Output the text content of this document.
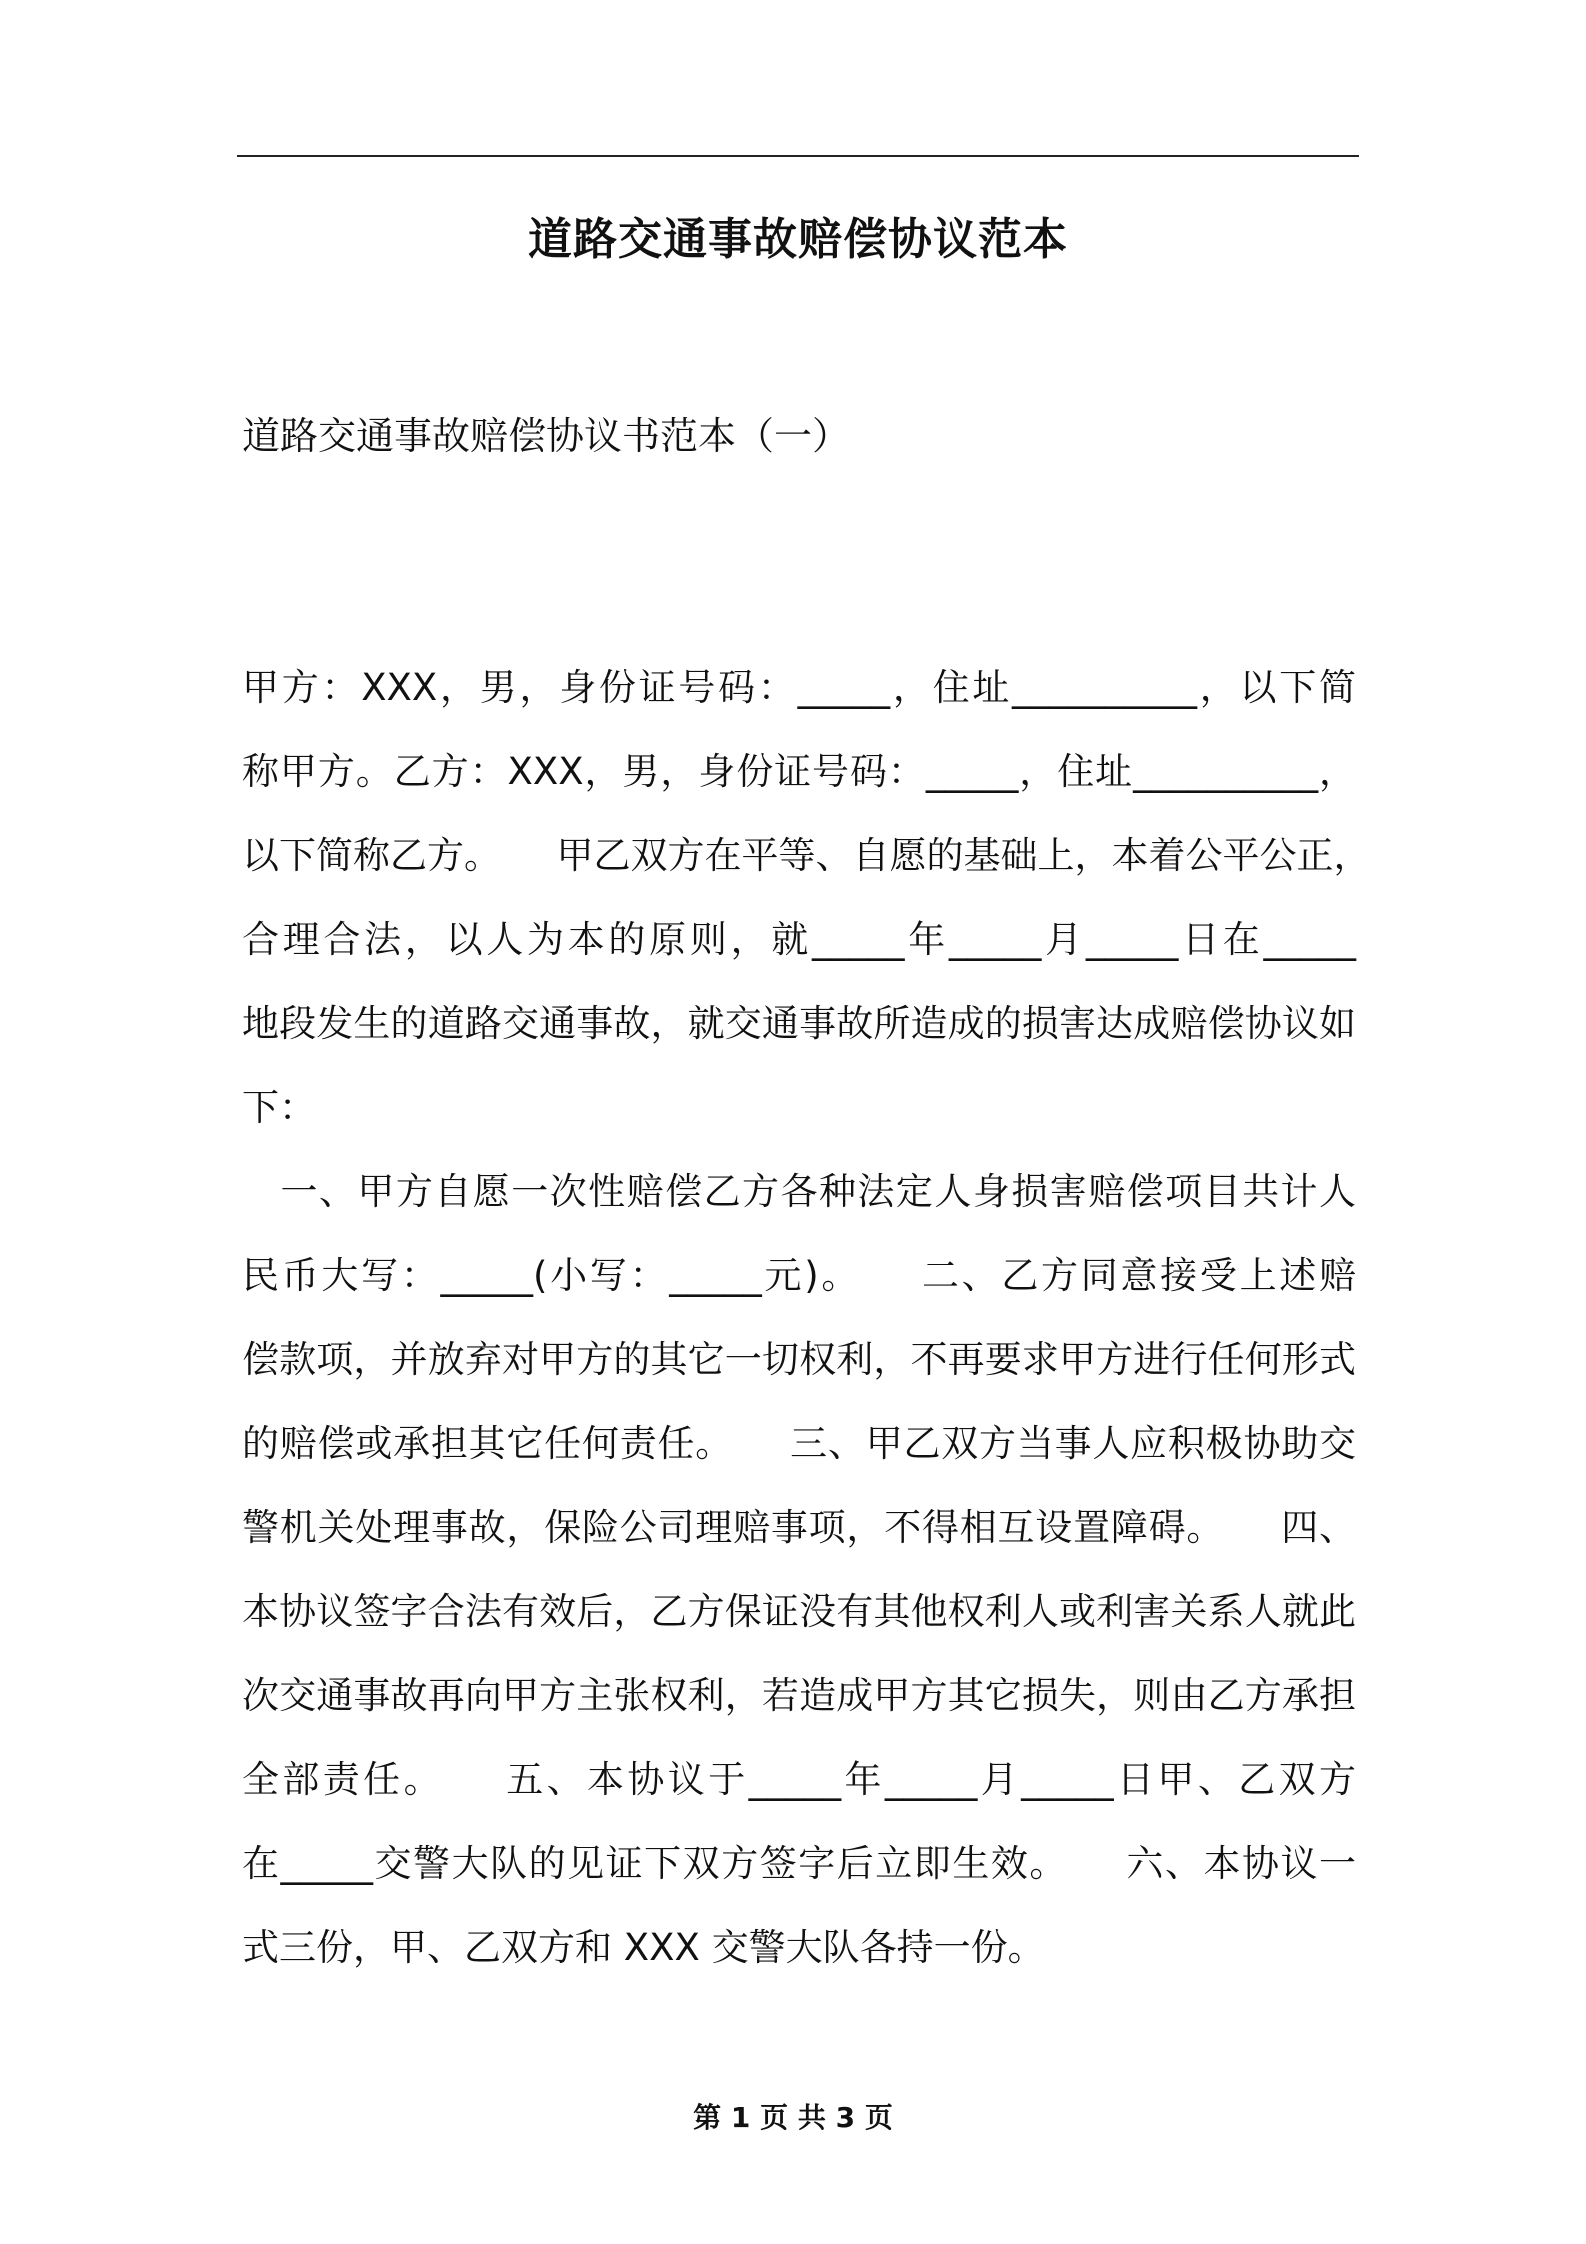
道路交通事故赔偿协议范本
道路交通事故赔偿协议书范本（一）
甲方：XXX，男，身份证号码：_____，住址__________，以下简
称甲方。乙方：XXX，男，身份证号码：_____，住址__________，
以下简称乙方。　　甲乙双方在平等、自愿的基础上，本着公平公正，
合理合法，以人为本的原则，就_____年_____月_____日在_____
地段发生的道路交通事故，就交通事故所造成的损害达成赔偿协议如
下：
　一、甲方自愿一次性赔偿乙方各种法定人身损害赔偿项目共计人
民币大写：_____(小写：_____元)。　　二、乙方同意接受上述赔
偿款项，并放弃对甲方的其它一切权利，不再要求甲方进行任何形式
的赔偿或承担其它任何责任。　　三、甲乙双方当事人应积极协助交
警机关处理事故，保险公司理赔事项，不得相互设置障碍。　　四、
本协议签字合法有效后，乙方保证没有其他权利人或利害关系人就此
次交通事故再向甲方主张权利，若造成甲方其它损失，则由乙方承担
全部责任。　　五、本协议于_____年_____月_____日甲、乙双方
在_____交警大队的见证下双方签字后立即生效。　　六、本协议一
式三份，甲、乙双方和 XXX 交警大队各持一份。
第 1 页 共 3 页
